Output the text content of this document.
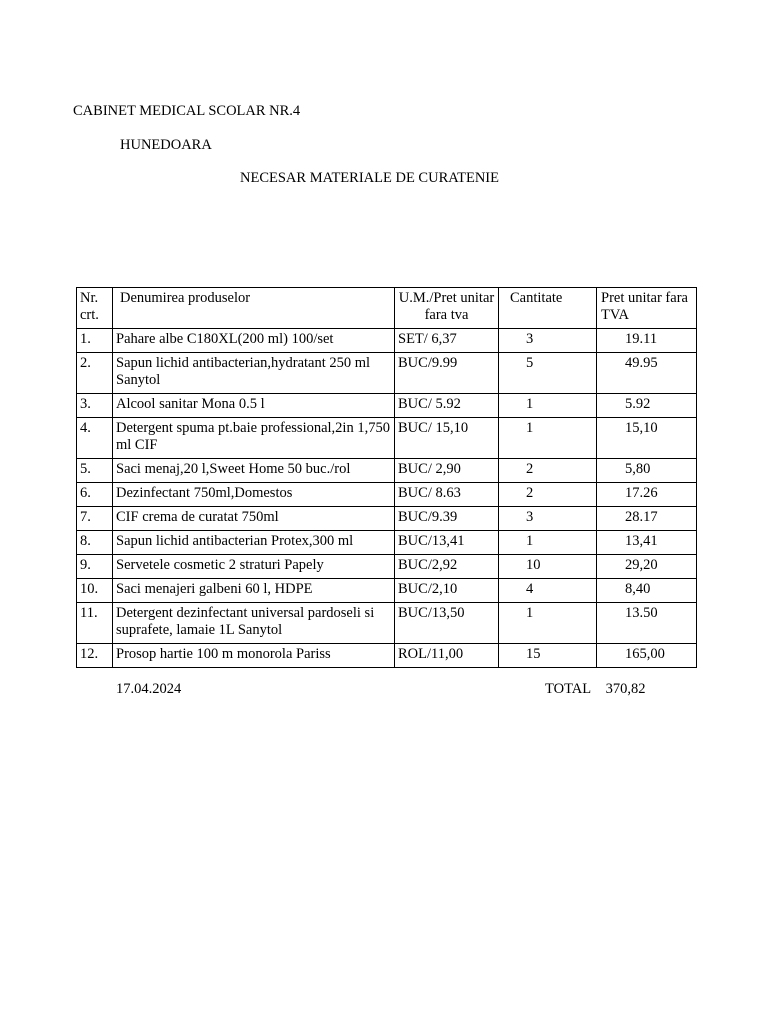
CABINET MEDICAL SCOLAR NR.4
HUNEDOARA
NECESAR MATERIALE DE CURATENIE
Nr. crt.	Denumirea produselor	U.M./Pret unitar fara tva	Cantitate	Pret unitar fara TVA
1.	Pahare albe C180XL(200 ml) 100/set	SET/ 6,37	3	19.11
2.	Sapun lichid antibacterian,hydratant 250 ml Sanytol	BUC/9.99	5	49.95
3.	Alcool sanitar Mona 0.5 l	BUC/ 5.92	1	5.92
4.	Detergent spuma pt.baie professional,2in 1,750 ml CIF	BUC/ 15,10	1	15,10
5.	Saci menaj,20 l,Sweet Home 50 buc./rol	BUC/ 2,90	2	5,80
6.	Dezinfectant 750ml,Domestos	BUC/ 8.63	2	17.26
7.	CIF crema de curatat 750ml	BUC/9.39	3	28.17
8.	Sapun lichid antibacterian Protex,300 ml	BUC/13,41	1	13,41
9.	Servetele cosmetic 2 straturi Papely	BUC/2,92	10	29,20
10.	Saci menajeri galbeni 60 l, HDPE	BUC/2,10	4	8,40
11.	Detergent dezinfectant universal pardoseli si suprafete, lamaie 1L Sanytol	BUC/13,50	1	13.50
12.	Prosop hartie 100 m monorola Pariss	ROL/11,00	15	165,00
17.04.2024	TOTAL 370,82
